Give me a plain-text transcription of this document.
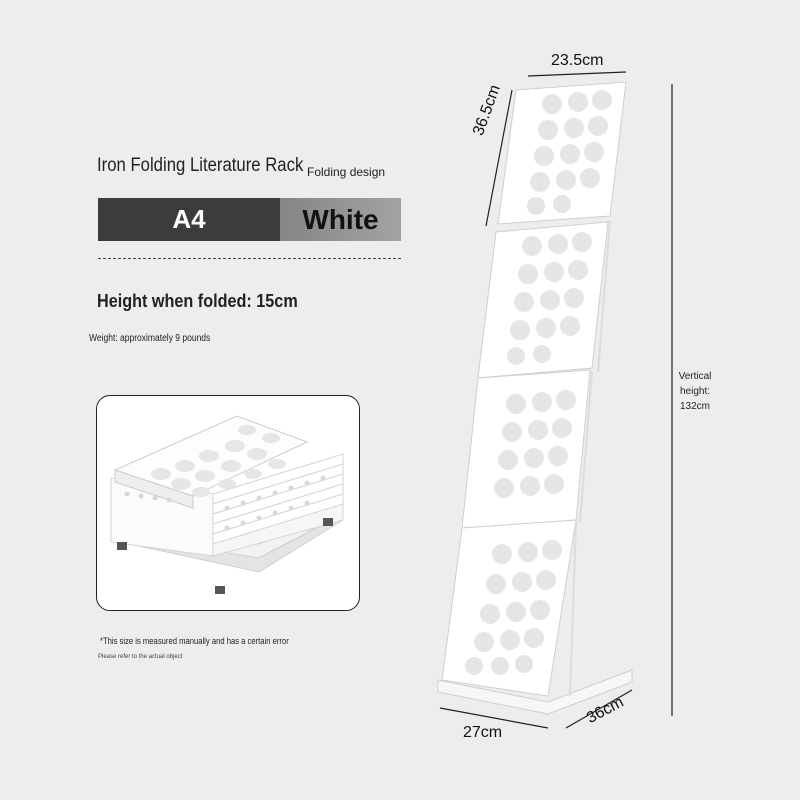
Iron Folding Literature Rack Folding design
A4	White
Height when folded: 15cm
Weight: approximately 9 pounds
*This size is measured manually and has a certain error
Please refer to the actual object
23.5cm
36.5cm
Vertical height: 132cm
27cm
36cm
